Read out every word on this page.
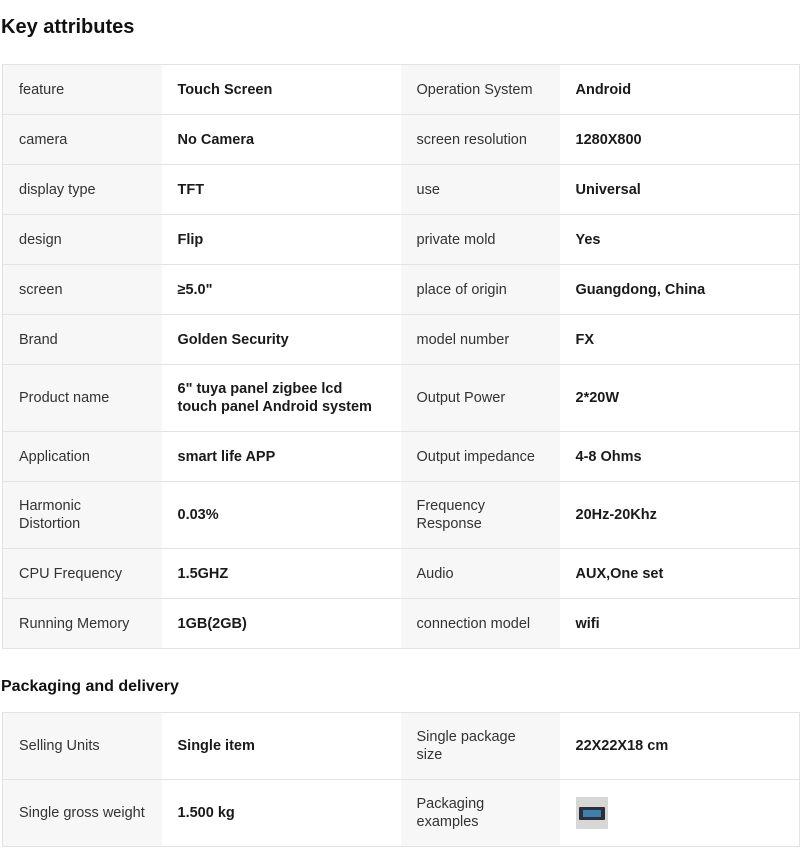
Key attributes
feature	Touch Screen	Operation System	Android
camera	No Camera	screen resolution	1280X800
display type	TFT	use	Universal
design	Flip	private mold	Yes
screen	≥5.0"	place of origin	Guangdong, China
Brand	Golden Security	model number	FX
Product name	6" tuya panel zigbee lcd touch panel Android system	Output Power	2*20W
Application	smart life APP	Output impedance	4-8 Ohms
Harmonic Distortion	0.03%	Frequency Response	20Hz-20Khz
CPU Frequency	1.5GHZ	Audio	AUX,One set
Running Memory	1GB(2GB)	connection model	wifi
Packaging and delivery
Selling Units	Single item	Single package size	22X22X18 cm
Single gross weight	1.500 kg	Packaging examples	
